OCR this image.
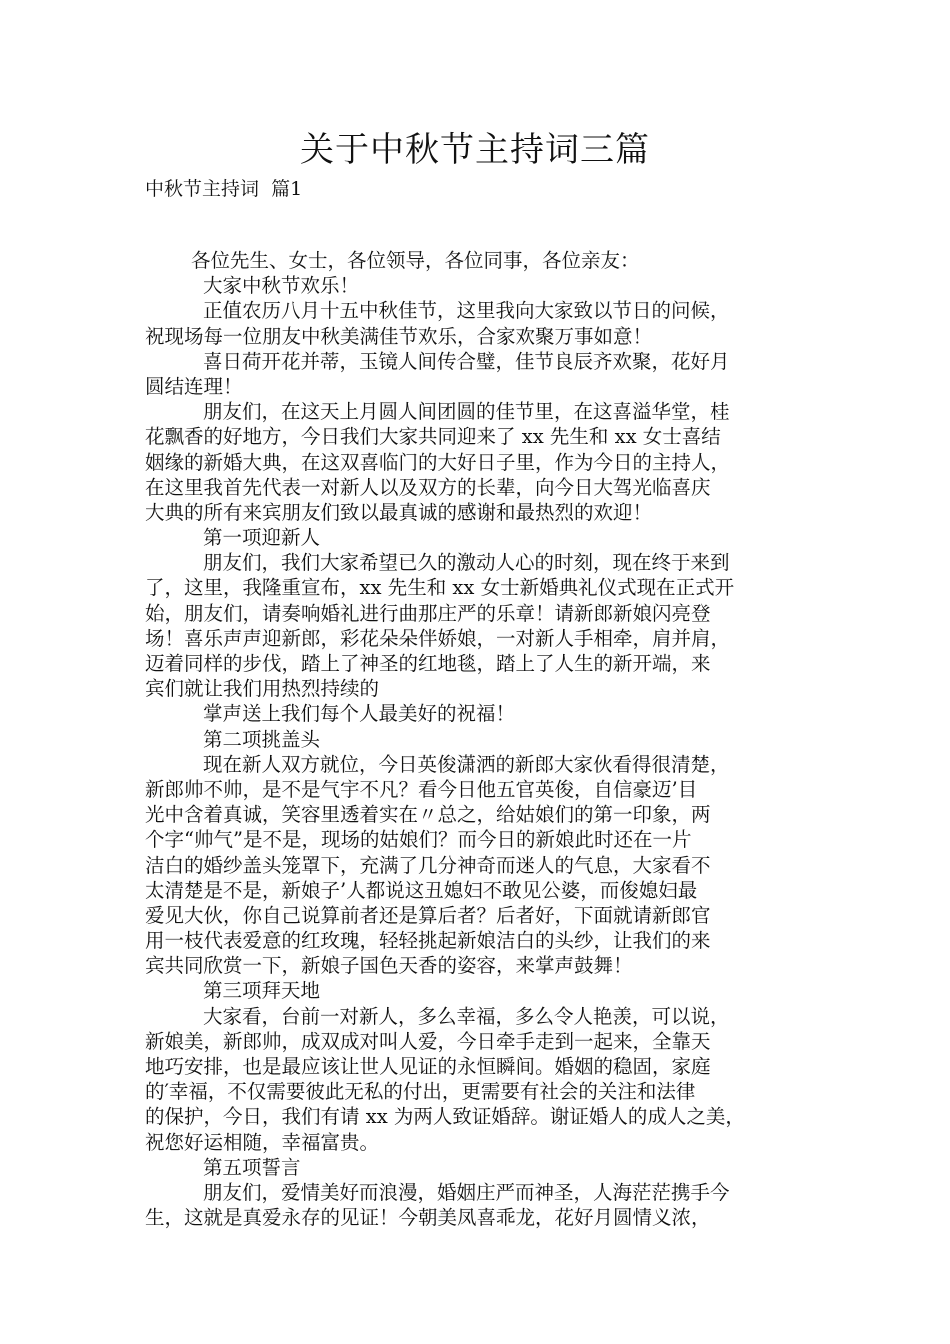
关于中秋节主持词三篇
中秋节主持词  篇1
各位先生、女士，各位领导，各位同事，各位亲友：
大家中秋节欢乐！
正值农历八月十五中秋佳节，这里我向大家致以节日的问候，
祝现场每一位朋友中秋美满佳节欢乐，合家欢聚万事如意！
喜日荷开花并蒂，玉镜人间传合璧，佳节良辰齐欢聚，花好月
圆结连理！
朋友们，在这天上月圆人间团圆的佳节里，在这喜溢华堂，桂
花飘香的好地方，今日我们大家共同迎来了 xx 先生和 xx 女士喜结
姻缘的新婚大典，在这双喜临门的大好日子里，作为今日的主持人，
在这里我首先代表一对新人以及双方的长辈，向今日大驾光临喜庆
大典的所有来宾朋友们致以最真诚的感谢和最热烈的欢迎！
第一项迎新人
朋友们，我们大家希望已久的激动人心的时刻，现在终于来到
了，这里，我隆重宣布，xx 先生和 xx 女士新婚典礼仪式现在正式开
始，朋友们，请奏响婚礼进行曲那庄严的乐章！请新郎新娘闪亮登
场！喜乐声声迎新郎，彩花朵朵伴娇娘，一对新人手相牵，肩并肩，
迈着同样的步伐，踏上了神圣的红地毯，踏上了人生的新开端，来
宾们就让我们用热烈持续的
掌声送上我们每个人最美好的祝福！
第二项挑盖头
现在新人双方就位，今日英俊潇洒的新郎大家伙看得很清楚，
新郎帅不帅，是不是气宇不凡？看今日他五官英俊，自信豪迈’目
光中含着真诚，笑容里透着实在〃总之，给姑娘们的第一印象，两
个字“帅气”是不是，现场的姑娘们？而今日的新娘此时还在一片
洁白的婚纱盖头笼罩下，充满了几分神奇而迷人的气息，大家看不
太清楚是不是，新娘子’人都说这丑媳妇不敢见公婆，而俊媳妇最
爱见大伙，你自己说算前者还是算后者？后者好，下面就请新郎官
用一枝代表爱意的红玫瑰，轻轻挑起新娘洁白的头纱，让我们的来
宾共同欣赏一下，新娘子国色天香的姿容，来掌声鼓舞！
第三项拜天地
大家看，台前一对新人，多么幸福，多么令人艳羡，可以说，
新娘美，新郎帅，成双成对叫人爱，今日牵手走到一起来，全靠天
地巧安排，也是最应该让世人见证的永恒瞬间。婚姻的稳固，家庭
的′幸福，不仅需要彼此无私的付出，更需要有社会的关注和法律
的保护，今日，我们有请 xx 为两人致证婚辞。谢证婚人的成人之美，
祝您好运相随，幸福富贵。
第五项誓言
朋友们，爱情美好而浪漫，婚姻庄严而神圣，人海茫茫携手今
生，这就是真爱永存的见证！今朝美凤喜乖龙，花好月圆情义浓，
